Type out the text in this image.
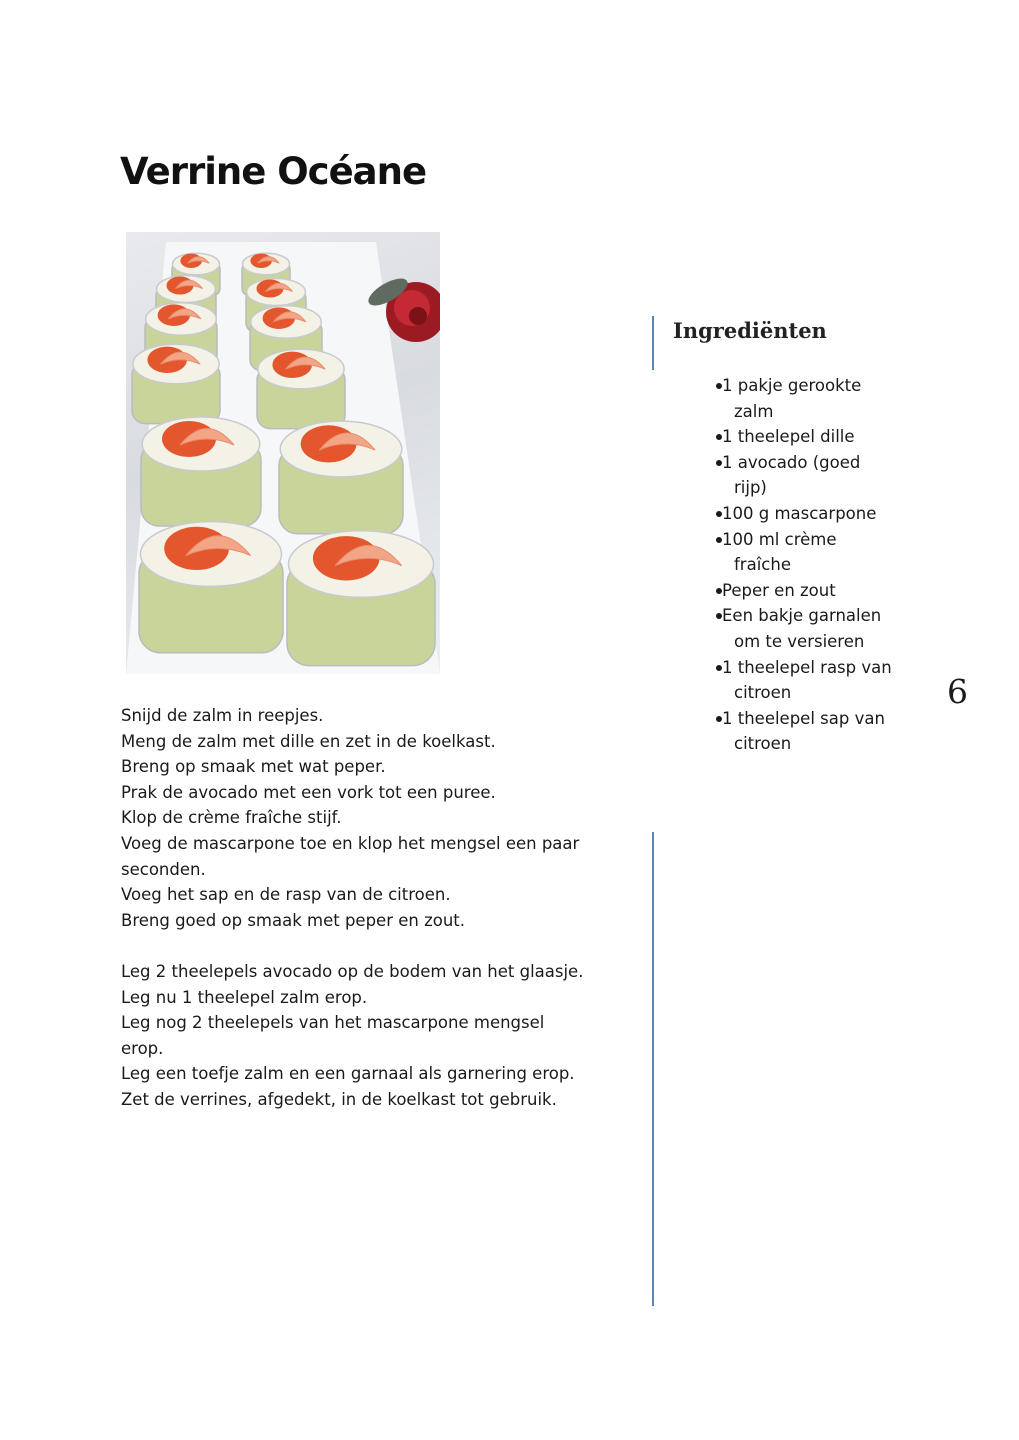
Verrine Océane

Snijd de zalm in reepjes.

Meng de zalm met dille en zet in de koelkast.

Breng op smaak met wat peper.

Prak de avocado met een vork tot een puree.

Klop de crème fraîche stijf.

Voeg de mascarpone toe en klop het mengsel een paar seconden.

Voeg het sap en de rasp van de citroen.

Breng goed op smaak met peper en zout.

Leg 2 theelepels avocado op de bodem van het glaasje.

Leg nu 1 theelepel zalm erop.

Leg nog 2 theelepels van het mascarpone mengsel erop.

Leg een toefje zalm en een garnaal als garnering erop.

Zet de verrines, afgedekt, in de koelkast tot gebruik.

Ingrediënten
1 pakje gerookte zalm
1 theelepel dille
1 avocado (goed rijp)
100 g mascarpone
100 ml crème fraîche
Peper en zout
Een bakje garnalen om te versieren
1 theelepel rasp van citroen
1 theelepel sap van citroen
6
